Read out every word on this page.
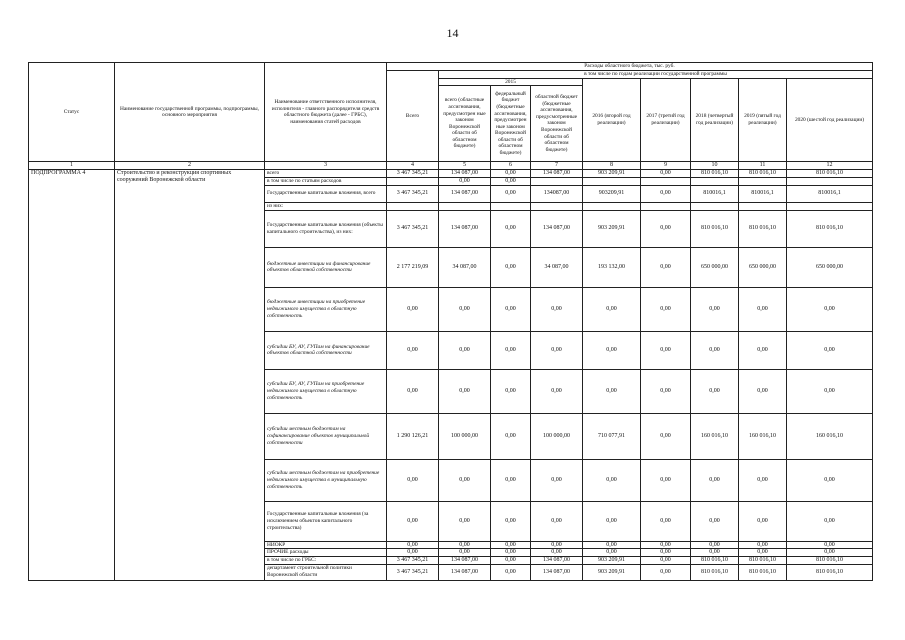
14
Статус	Наименование государственной программы, подпрограммы, основного мероприятия	Наименование ответственного исполнителя, исполнителя - главного распорядителя средств областного бюджета (далее - ГРБС), наименования статей расходов	Расходы областного бюджета, тыс. руб.								
			Всего	в том числе по годам реализации государственной программы							
				2015			2016 (второй год реализации)	2017 (третий год реализации)	2018 (четвертый год реализации)	2019 (пятый год реализации)	2020 (шестой год реализации)
				всего (областные ассигнования, предусмотрен ные законом Воронежской области об областном бюджете)	федеральный бюджет (бюджетные ассигнования, предусмотрен ные законом Воронежской области об областном бюджете)	областной бюджет (бюджетные ассигнования, предусмотренные законом Воронежской области об областном бюджете)					
1	2	3	4	5	6	7	8	9	10	11	12
ПОДПРОГРАММА 4	Строительство и реконструкция спортивных сооружений Воронежской области	всего	3 467 345,21	134 087,00	0,00	134 087,00	903 209,91	0,00	810 016,10	810 016,10	810 016,10
		в том числе по статьям расходов		0,00	0,00						
		Государственные капитальные вложения, всего	3 467 345,21	134 087,00	0,00	134087,00	903209,91	0,00	810016,1	810016,1	810016,1
		из них:									
		Государственные капитальные вложения (объекты капитального строительства), из них:	3 467 345,21	134 087,00	0,00	134 087,00	903 209,91	0,00	810 016,10	810 016,10	810 016,10
		бюджетные инвестиции на финансирование объектов областной собственности	2 177 219,09	34 087,00	0,00	34 087,00	193 132,00	0,00	650 000,00	650 000,00	650 000,00
		бюджетные инвестиции на приобретение недвижимого имущества в областную собственность	0,00	0,00	0,00	0,00	0,00	0,00	0,00	0,00	0,00
		субсидии БУ, АУ, ГУПам на финансирование объектов областной собственности	0,00	0,00	0,00	0,00	0,00	0,00	0,00	0,00	0,00
		субсидии БУ, АУ, ГУПам на приобретение недвижимого имущества в областную собственность	0,00	0,00	0,00	0,00	0,00	0,00	0,00	0,00	0,00
		субсидии местным бюджетам на софинансирование объектов муниципальной собственности	1 290 126,21	100 000,00	0,00	100 000,00	710 077,91	0,00	160 016,10	160 016,10	160 016,10
		субсидии местным бюджетам на приобретение недвижимого имущества в муниципальную собственность	0,00	0,00	0,00	0,00	0,00	0,00	0,00	0,00	0,00
		Государственные капитальные вложения (за исключением объектов капитального строительства)	0,00	0,00	0,00	0,00	0,00	0,00	0,00	0,00	0,00
		НИОКР	0,00	0,00	0,00	0,00	0,00	0,00	0,00	0,00	0,00
		ПРОЧИЕ расходы	0,00	0,00	0,00	0,00	0,00	0,00	0,00	0,00	0,00
		в том числе по ГРБС:	3 467 345,21	134 087,00	0,00	134 087,00	903 209,91	0,00	810 016,10	810 016,10	810 016,10
		департамент строительной политики Воронежской области	3 467 345,21	134 087,00	0,00	134 087,00	903 209,91	0,00	810 016,10	810 016,10	810 016,10
